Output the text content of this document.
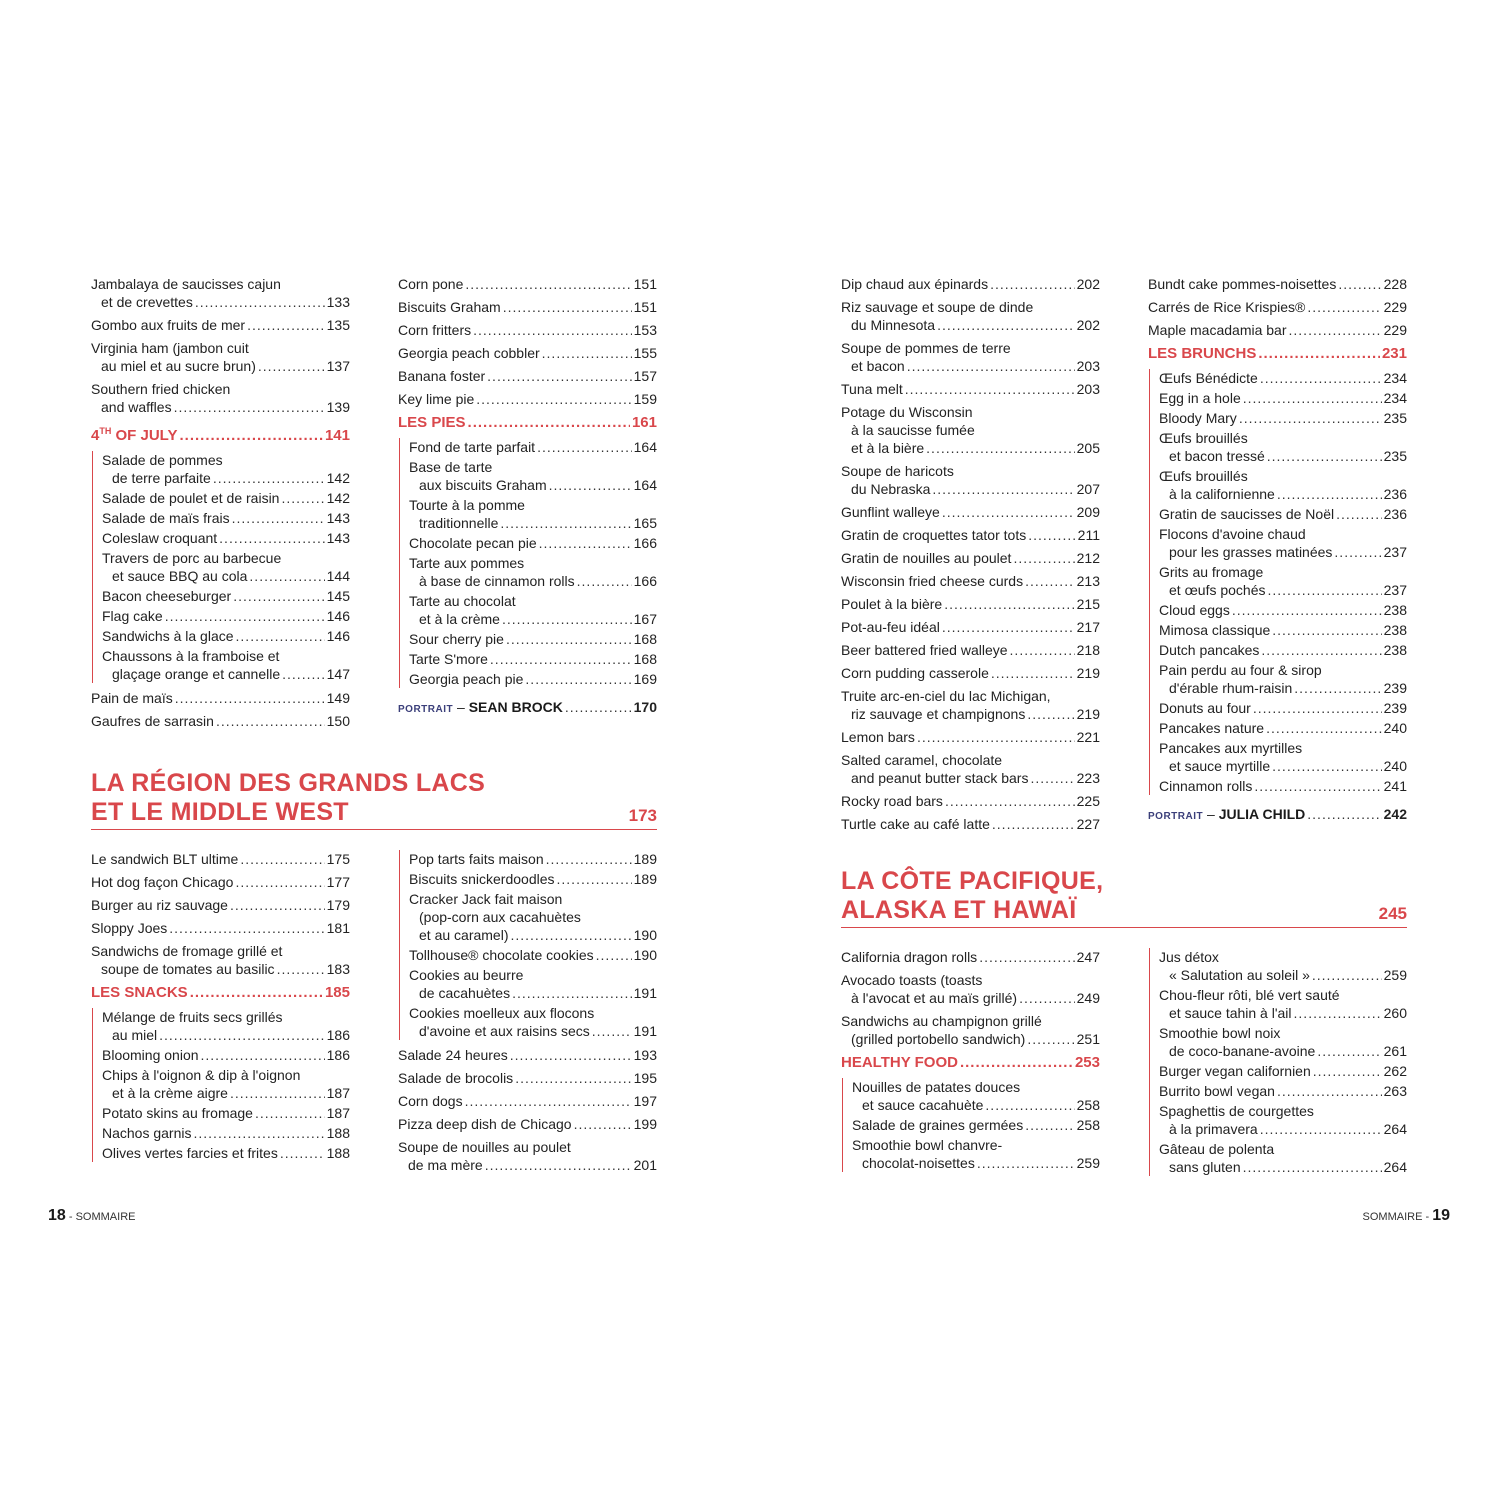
Jambalaya de saucisses cajun
et de crevettes .....	133
Gombo aux fruits de mer .....	135
Virginia ham (jambon cuit
au miel et au sucre brun) .....	137
Southern fried chicken
and waffles .....	139
4TH OF JULY .....	141
Salade de pommes
de terre parfaite .....	142
Salade de poulet et de raisin .....	142
Salade de maïs frais .....	143
Coleslaw croquant .....	143
Travers de porc au barbecue
et sauce BBQ au cola .....	144
Bacon cheeseburger .....	145
Flag cake .....	146
Sandwichs à la glace .....	146
Chaussons à la framboise et
glaçage orange et cannelle .....	147
Pain de maïs .....	149
Gaufres de sarrasin .....	150
Corn pone .....	151
Biscuits Graham .....	151
Corn fritters .....	153
Georgia peach cobbler .....	155
Banana foster .....	157
Key lime pie .....	159
LES PIES .....	161
Fond de tarte parfait .....	164
Base de tarte
aux biscuits Graham .....	164
Tourte à la pomme
traditionnelle .....	165
Chocolate pecan pie .....	166
Tarte aux pommes
à base de cinnamon rolls .....	166
Tarte au chocolat
et à la crème .....	167
Sour cherry pie .....	168
Tarte S'more .....	168
Georgia peach pie .....	169
PORTRAIT – SEAN BROCK .....	170
LA RÉGION DES GRANDS LACS
ET LE MIDDLE WEST	173
Le sandwich BLT ultime .....	175
Hot dog façon Chicago .....	177
Burger au riz sauvage .....	179
Sloppy Joes .....	181
Sandwichs de fromage grillé et
soupe de tomates au basilic .....	183
LES SNACKS .....	185
Mélange de fruits secs grillés
au miel .....	186
Blooming onion .....	186
Chips à l'oignon & dip à l'oignon
et à la crème aigre .....	187
Potato skins au fromage .....	187
Nachos garnis .....	188
Olives vertes farcies et frites .....	188
Pop tarts faits maison .....	189
Biscuits snickerdoodles .....	189
Cracker Jack fait maison
(pop-corn aux cacahuètes
et au caramel) .....	190
Tollhouse® chocolate cookies .....	190
Cookies au beurre
de cacahuètes .....	191
Cookies moelleux aux flocons
d'avoine et aux raisins secs .....	191
Salade 24 heures .....	193
Salade de brocolis .....	195
Corn dogs .....	197
Pizza deep dish de Chicago .....	199
Soupe de nouilles au poulet
de ma mère .....	201
18 - SOMMAIRE
Dip chaud aux épinards .....	202
Riz sauvage et soupe de dinde
du Minnesota .....	202
Soupe de pommes de terre
et bacon .....	203
Tuna melt .....	203
Potage du Wisconsin
à la saucisse fumée
et à la bière .....	205
Soupe de haricots
du Nebraska .....	207
Gunflint walleye .....	209
Gratin de croquettes tator tots .....	211
Gratin de nouilles au poulet .....	212
Wisconsin fried cheese curds .....	213
Poulet à la bière .....	215
Pot-au-feu idéal .....	217
Beer battered fried walleye .....	218
Corn pudding casserole .....	219
Truite arc-en-ciel du lac Michigan,
riz sauvage et champignons .....	219
Lemon bars .....	221
Salted caramel, chocolate
and peanut butter stack bars .....	223
Rocky road bars .....	225
Turtle cake au café latte .....	227
Bundt cake pommes-noisettes .....	228
Carrés de Rice Krispies® .....	229
Maple macadamia bar .....	229
LES BRUNCHS .....	231
Œufs Bénédicte .....	234
Egg in a hole .....	234
Bloody Mary .....	235
Œufs brouillés
et bacon tressé .....	235
Œufs brouillés
à la californienne .....	236
Gratin de saucisses de Noël .....	236
Flocons d'avoine chaud
pour les grasses matinées .....	237
Grits au fromage
et œufs pochés .....	237
Cloud eggs .....	238
Mimosa classique .....	238
Dutch pancakes .....	238
Pain perdu au four & sirop
d'érable rhum-raisin .....	239
Donuts au four .....	239
Pancakes nature .....	240
Pancakes aux myrtilles
et sauce myrtille .....	240
Cinnamon rolls .....	241
PORTRAIT – JULIA CHILD .....	242
LA CÔTE PACIFIQUE,
ALASKA ET HAWAÏ	245
California dragon rolls .....	247
Avocado toasts (toasts
à l'avocat et au maïs grillé) .....	249
Sandwichs au champignon grillé
(grilled portobello sandwich) .....	251
HEALTHY FOOD .....	253
Nouilles de patates douces
et sauce cacahuète .....	258
Salade de graines germées .....	258
Smoothie bowl chanvre-
chocolat-noisettes .....	259
Jus détox
« Salutation au soleil » .....	259
Chou-fleur rôti, blé vert sauté
et sauce tahin à l'ail .....	260
Smoothie bowl noix
de coco-banane-avoine .....	261
Burger vegan californien .....	262
Burrito bowl vegan .....	263
Spaghettis de courgettes
à la primavera .....	264
Gâteau de polenta
sans gluten .....	264
SOMMAIRE - 19
